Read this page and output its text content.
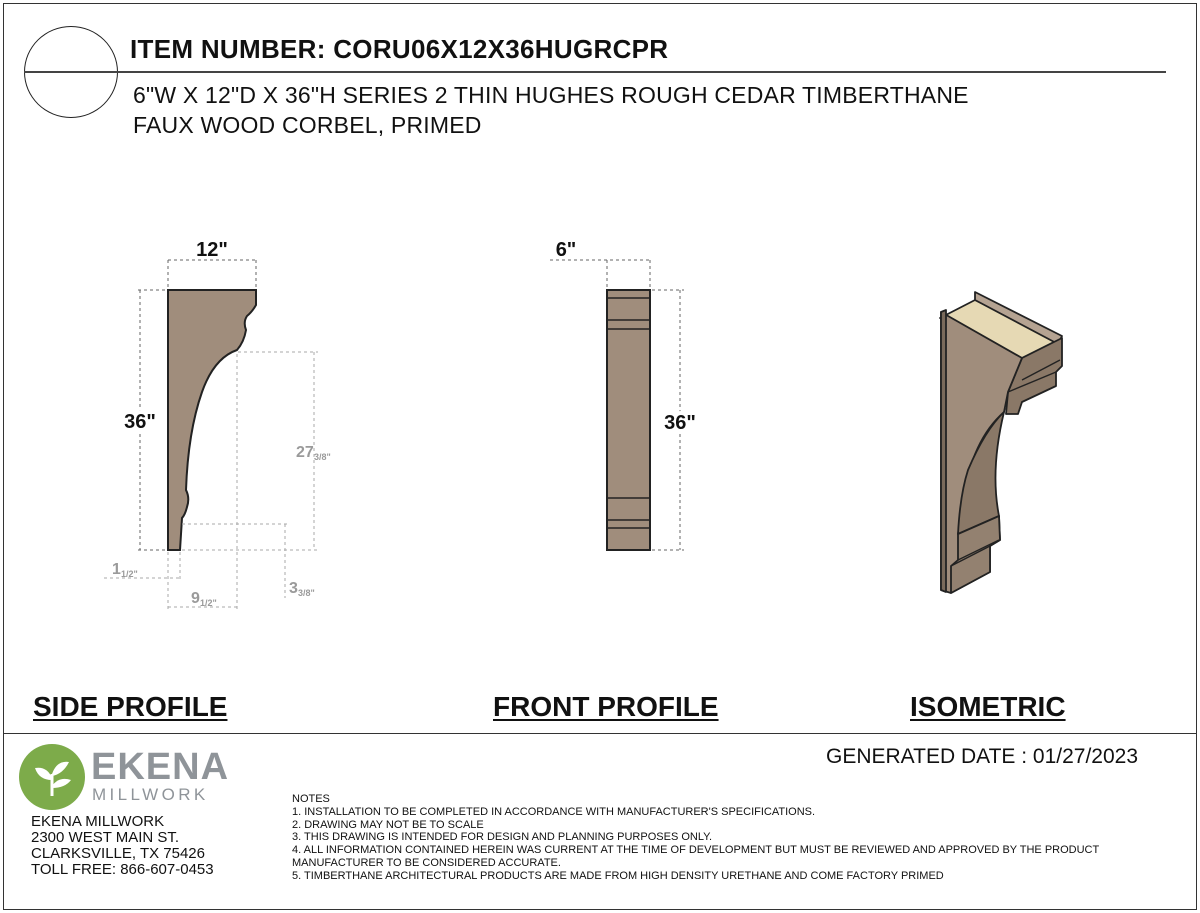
ITEM NUMBER: CORU06X12X36HUGRCPR
6"W X 12"D X 36"H SERIES 2 THIN HUGHES ROUGH CEDAR TIMBERTHANE
FAUX WOOD CORBEL, PRIMED
12"
36"
27 3/8"
1 1/2"
9 1/2"
3 3/8"
6"
36"
SIDE PROFILE	FRONT PROFILE	ISOMETRIC
GENERATED DATE : 01/27/2023
EKENA
MILLWORK
EKENA MILLWORK
2300 WEST MAIN ST.
CLARKSVILLE, TX 75426
TOLL FREE: 866-607-0453
NOTES
1. INSTALLATION TO BE COMPLETED IN ACCORDANCE WITH MANUFACTURER'S SPECIFICATIONS.
2. DRAWING MAY NOT BE TO SCALE
3. THIS DRAWING IS INTENDED FOR DESIGN AND PLANNING PURPOSES ONLY.
4. ALL INFORMATION CONTAINED HEREIN WAS CURRENT AT THE TIME OF DEVELOPMENT BUT MUST BE REVIEWED AND APPROVED BY THE PRODUCT MANUFACTURER TO BE CONSIDERED ACCURATE.
5. TIMBERTHANE ARCHITECTURAL PRODUCTS ARE MADE FROM HIGH DENSITY URETHANE AND COME FACTORY PRIMED
